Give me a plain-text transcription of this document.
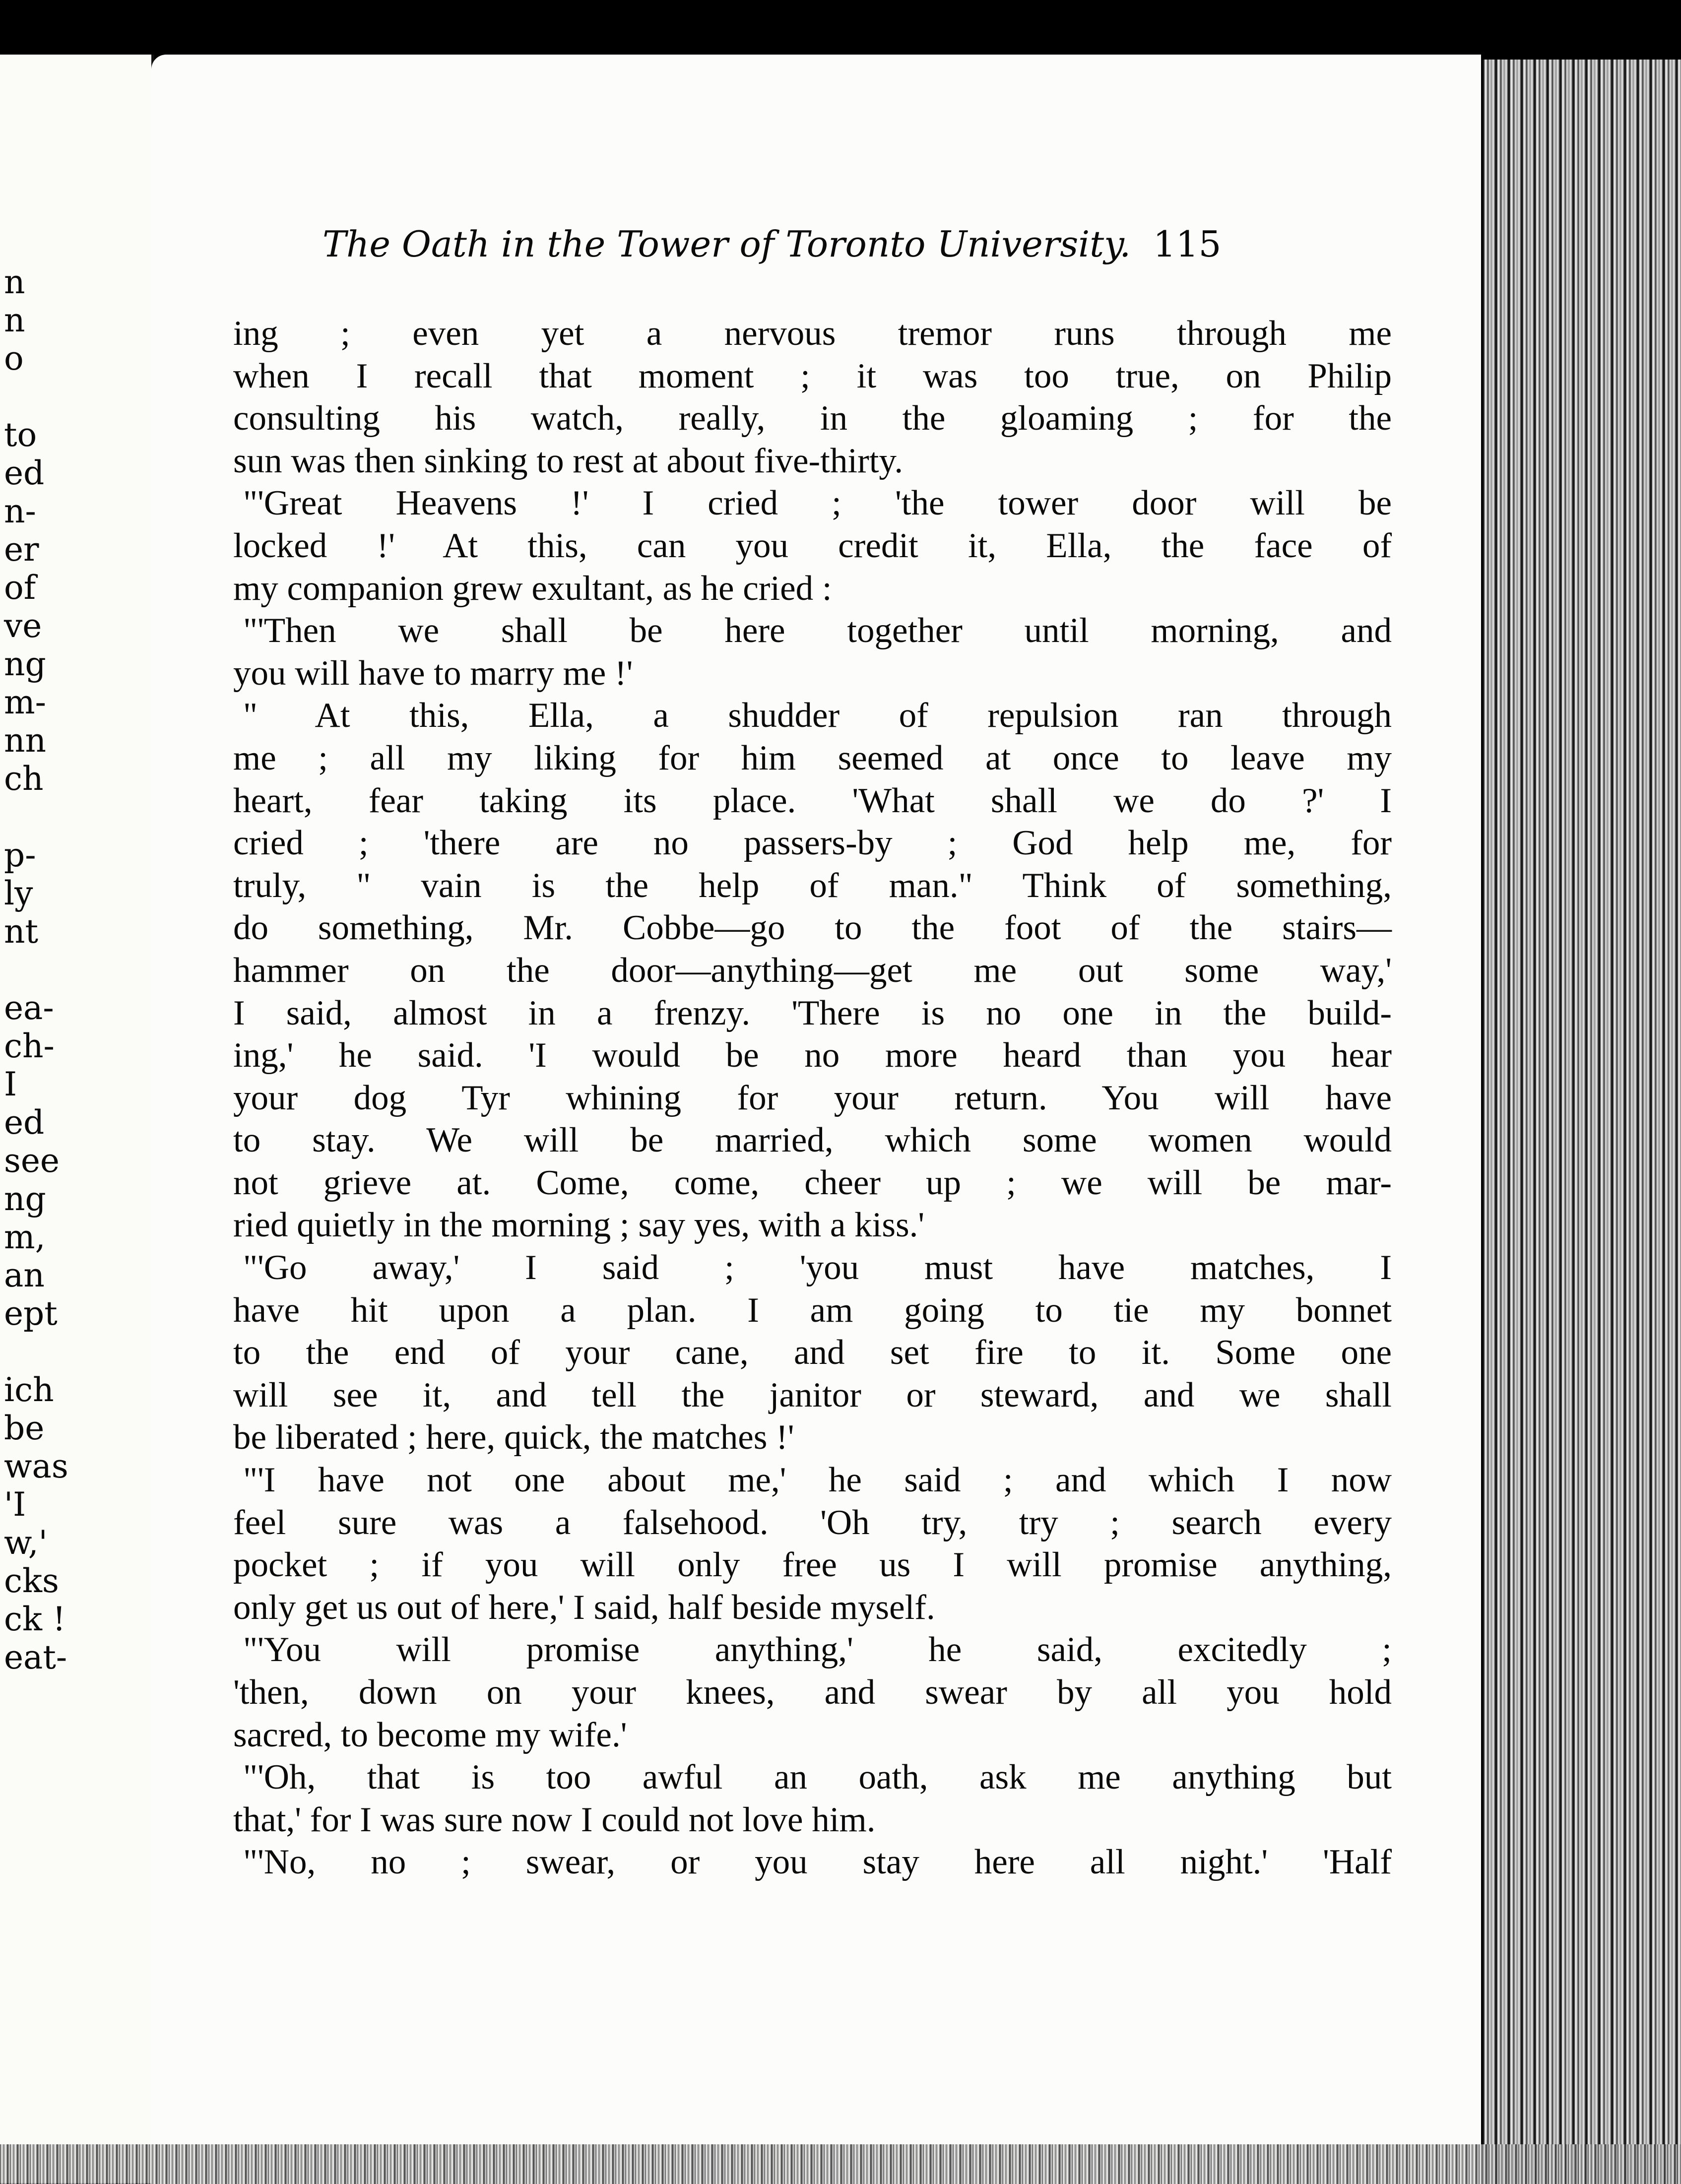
n
n
o
to
ed
n-
er
of
ve
ng
m-
nn
ch
p-
ly
nt
ea-
ch-
I
ed
see
ng
m,
an
ept
ich
be
was
'I
w,'
cks
ck !
eat-
The Oath in the Tower of Toronto University. 115
ing ; even yet a nervous tremor runs through me
when I recall that moment ; it was too true, on Philip
consulting his watch, really, in the gloaming ; for the
sun was then sinking to rest at about five-thirty.
"'Great Heavens !' I cried ; 'the tower door will be
locked !' At this, can you credit it, Ella, the face of
my companion grew exultant, as he cried :
"'Then we shall be here together until morning, and
you will have to marry me !'
" At this, Ella, a shudder of repulsion ran through
me ; all my liking for him seemed at once to leave my
heart, fear taking its place. 'What shall we do ?' I
cried ; 'there are no passers-by ; God help me, for
truly, " vain is the help of man." Think of something,
do something, Mr. Cobbe—go to the foot of the stairs—
hammer on the door—anything—get me out some way,'
I said, almost in a frenzy. 'There is no one in the build-
ing,' he said. 'I would be no more heard than you hear
your dog Tyr whining for your return. You will have
to stay. We will be married, which some women would
not grieve at. Come, come, cheer up ; we will be mar-
ried quietly in the morning ; say yes, with a kiss.'
"'Go away,' I said ; 'you must have matches, I
have hit upon a plan. I am going to tie my bonnet
to the end of your cane, and set fire to it. Some one
will see it, and tell the janitor or steward, and we shall
be liberated ; here, quick, the matches !'
"'I have not one about me,' he said ; and which I now
feel sure was a falsehood. 'Oh try, try ; search every
pocket ; if you will only free us I will promise anything,
only get us out of here,' I said, half beside myself.
"'You will promise anything,' he said, excitedly ;
'then, down on your knees, and swear by all you hold
sacred, to become my wife.'
"'Oh, that is too awful an oath, ask me anything but
that,' for I was sure now I could not love him.
"'No, no ; swear, or you stay here all night.' 'Half
